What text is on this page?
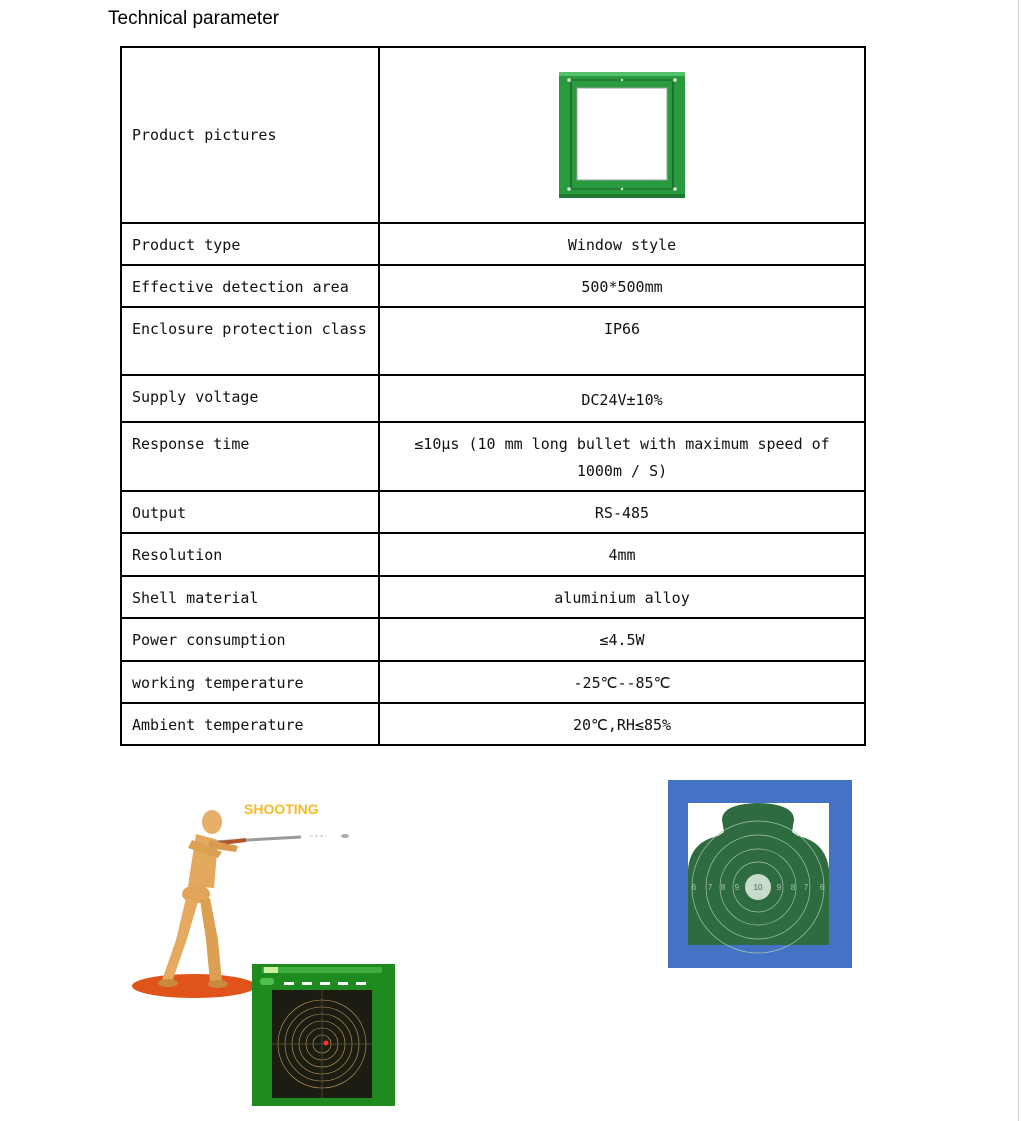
Technical parameter
Product pictures

Product type	Window style

Effective detection area	500*500mm

Enclosure protection class	IP66

Supply voltage	DC24V±10%

Response time	≤10μs (10 mm long bullet with maximum speed of 1000m / S)

Output	RS-485

Resolution	4mm

Shell material	aluminium alloy

Power consumption	≤4.5W

working temperature	-25℃--85℃

Ambient temperature	20℃,RH≤85%
SHOOTING
10
6 7 8 9	9 8 7 6
